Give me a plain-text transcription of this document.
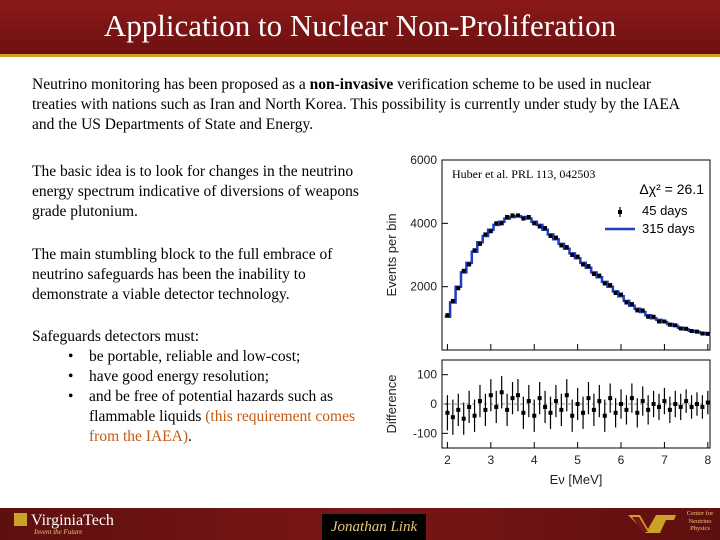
Application to Nuclear Non-Proliferation
Neutrino monitoring has been proposed as a non-invasive verification scheme to be used in nuclear treaties with nations such as Iran and North Korea. This possibility is currently under study by the IAEA and the US Departments of State and Energy.
The basic idea is to look for changes in the neutrino energy spectrum indicative of diversions of weapons grade plutonium.
The main stumbling block to the full embrace of neutrino safeguards has been the inability to demonstrate a viable detector technology.
Safeguards detectors must:
• be portable, reliable and low-cost;
• have good energy resolution;
• and be free of potential hazards such as flammable liquids (this requirement comes from the IAEA).
2000
4000
6000
-100
0
100
2	3	4	5	6	7	8
Events per bin
Difference
Eν [MeV]
Huber et al. PRL 113, 042503
Δχ² = 26.1
45 days
315 days
VirginiaTech
Invent the Future	Jonathan Link
Center for Neutrino Physics
